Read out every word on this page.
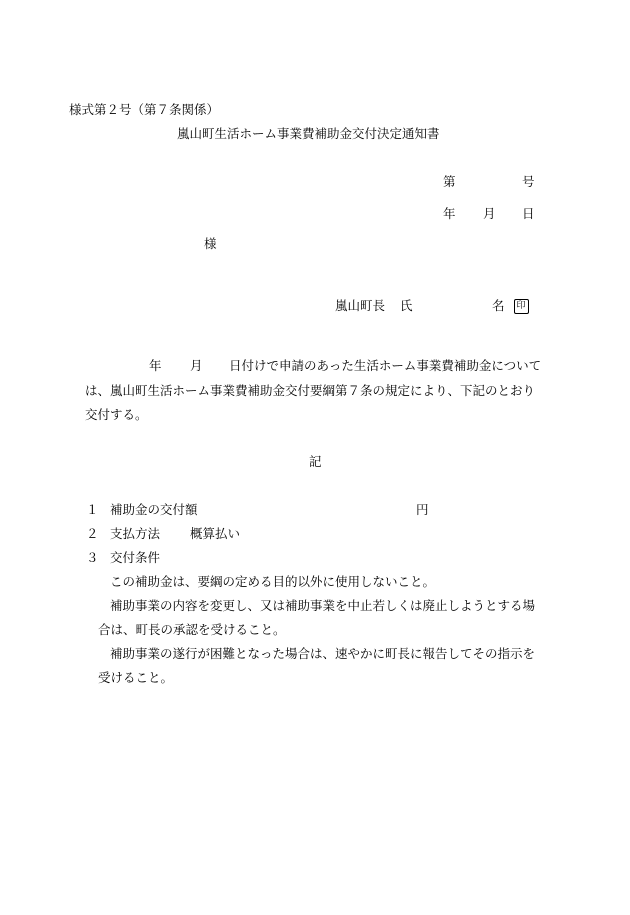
様式第２号（第７条関係）
嵐山町生活ホーム事業費補助金交付決定通知書
第	号
年 月 日
様
嵐山町長 氏	名 印
年 月 日付けで申請のあった生活ホーム事業費補助金について
は、嵐山町生活ホーム事業費補助金交付要綱第７条の規定により、下記のとおり
交付する。
記
１ 補助金の交付額	円
２ 支払方法 概算払い
３ 交付条件
この補助金は、要綱の定める目的以外に使用しないこと。
補助事業の内容を変更し、又は補助事業を中止若しくは廃止しようとする場
合は、町長の承認を受けること。
補助事業の遂行が困難となった場合は、速やかに町長に報告してその指示を
受けること。
